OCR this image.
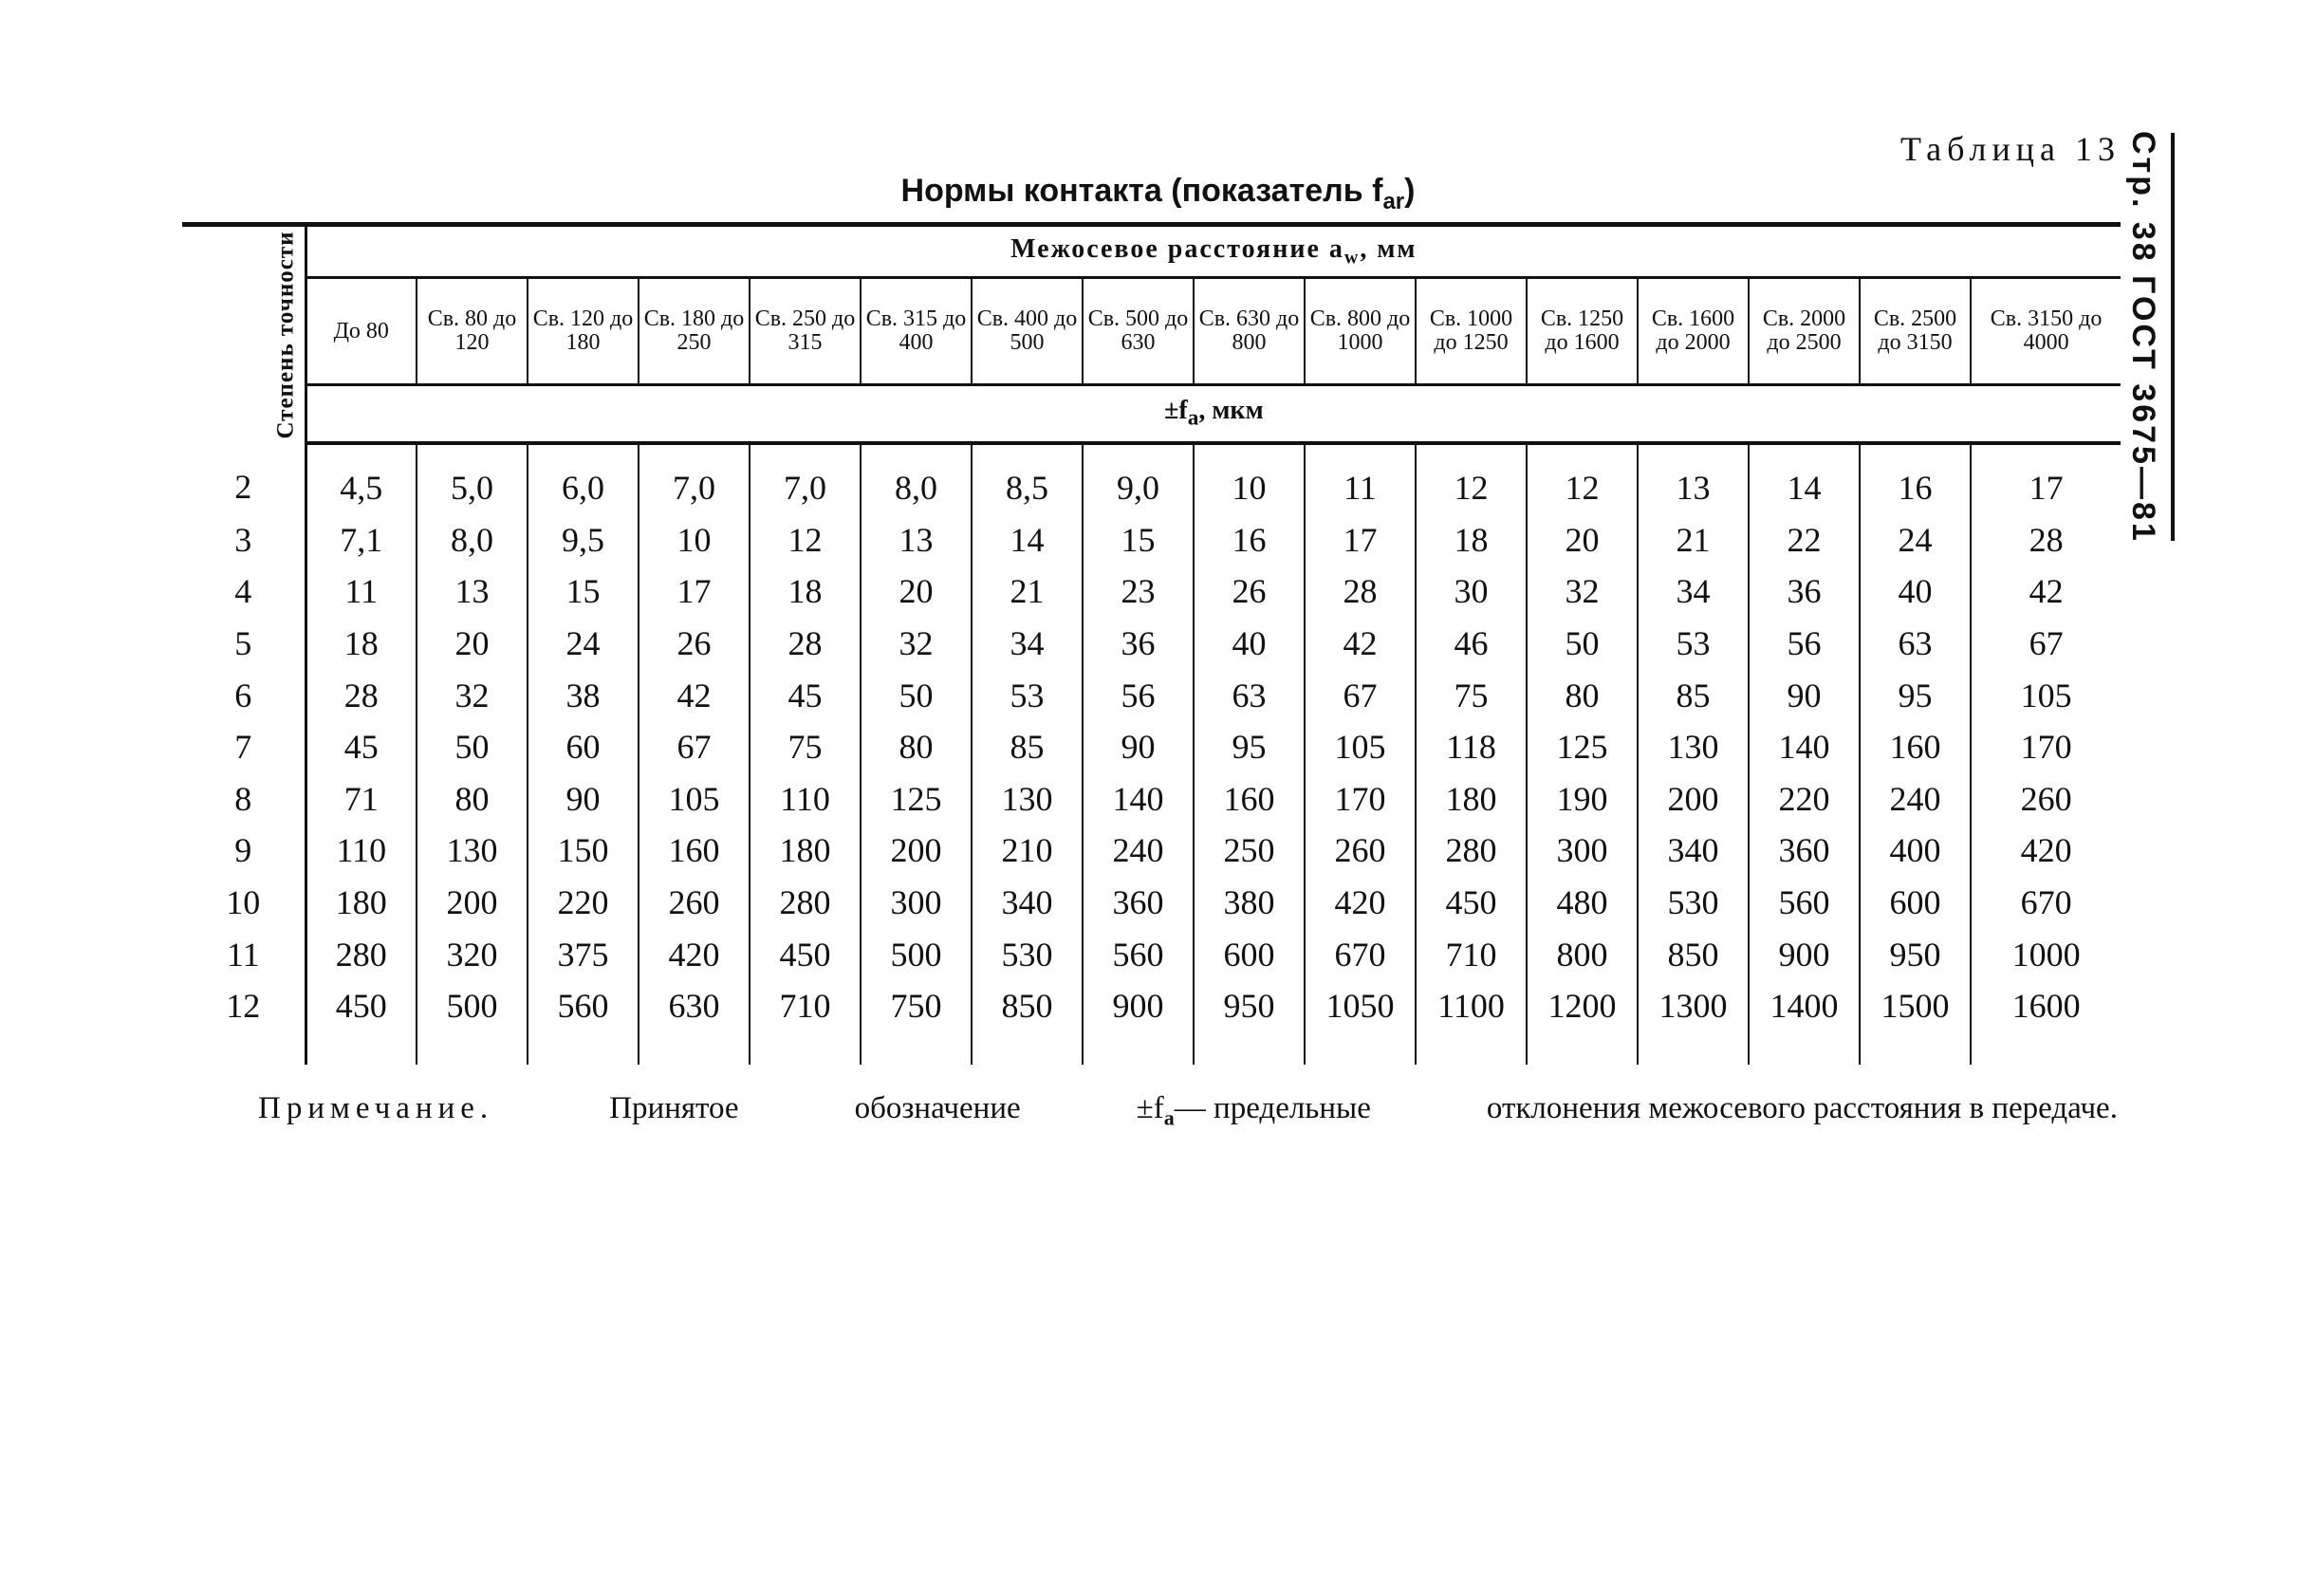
Стр. 38 ГОСТ 3675—81
Таблица 13
Нормы контакта (показатель $f_{ar}$)
Степень точности	Межосевое расстояние $a_w$, мм															
	До 80	Св. 80 до 120	Св. 120 до 180	Св. 180 до 250	Св. 250 до 315	Св. 315 до 400	Св. 400 до 500	Св. 500 до 630	Св. 630 до 800	Св. 800 до 1000	Св. 1000 до 1250	Св. 1250 до 1600	Св. 1600 до 2000	Св. 2000 до 2500	Св. 2500 до 3150	Св. 3150 до 4000
	$\pm f_a$, мкм															
2	4,5	5,0	6,0	7,0	7,0	8,0	8,5	9,0	10	11	12	12	13	14	16	17
3	7,1	8,0	9,5	10	12	13	14	15	16	17	18	20	21	22	24	28
4	11	13	15	17	18	20	21	23	26	28	30	32	34	36	40	42
5	18	20	24	26	28	32	34	36	40	42	46	50	53	56	63	67
6	28	32	38	42	45	50	53	56	63	67	75	80	85	90	95	105
7	45	50	60	67	75	80	85	90	95	105	118	125	130	140	160	170
8	71	80	90	105	110	125	130	140	160	170	180	190	200	220	240	260
9	110	130	150	160	180	200	210	240	250	260	280	300	340	360	400	420
10	180	200	220	260	280	300	340	360	380	420	450	480	530	560	600	670
11	280	320	375	420	450	500	530	560	600	670	710	800	850	900	950	1000
12	450	500	560	630	710	750	850	900	950	1050	1100	1200	1300	1400	1500	1600
Примечание.	Принятое	обозначение	$\pm f_a—$ предельные	отклонения межосевого расстояния в передаче.
